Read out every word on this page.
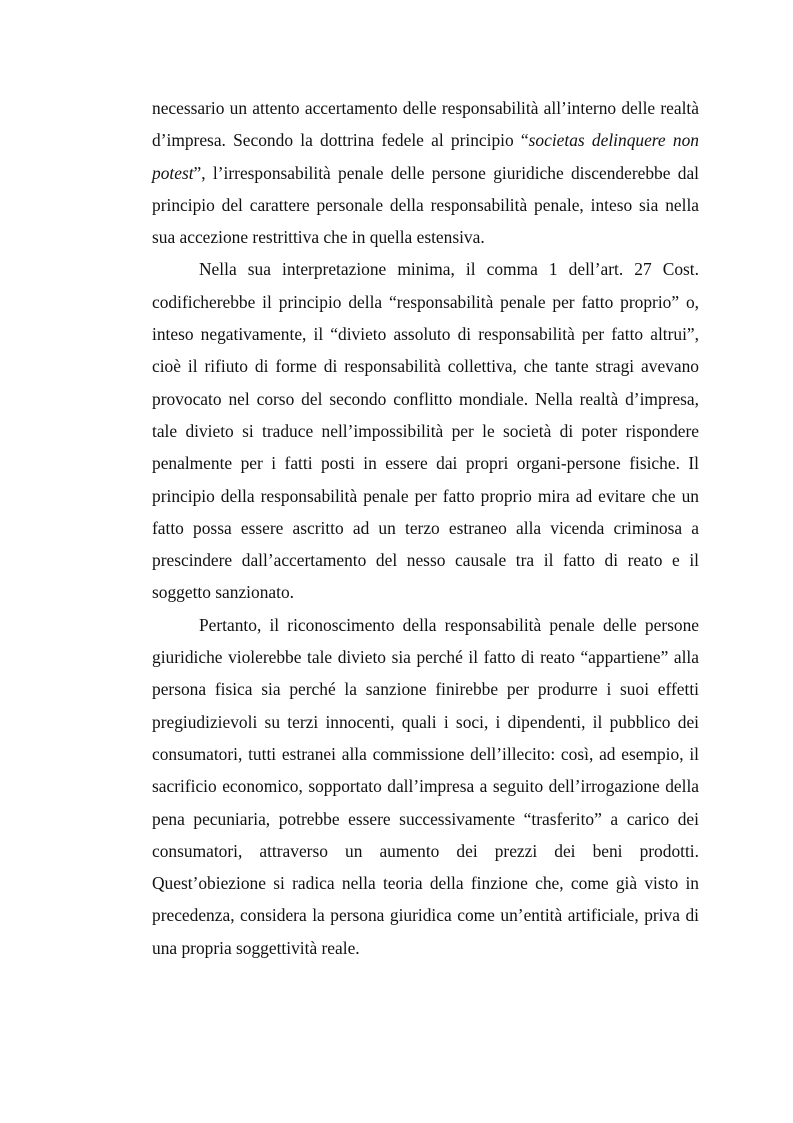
necessario un attento accertamento delle responsabilità all’interno delle realtà d’impresa. Secondo la dottrina fedele al principio “societas delinquere non potest”, l’irresponsabilità penale delle persone giuridiche discenderebbe dal principio del carattere personale della responsabilità penale, inteso sia nella sua accezione restrittiva che in quella estensiva.

Nella sua interpretazione minima, il comma 1 dell’art. 27 Cost. codificherebbe il principio della “responsabilità penale per fatto proprio” o, inteso negativamente, il “divieto assoluto di responsabilità per fatto altrui”, cioè il rifiuto di forme di responsabilità collettiva, che tante stragi avevano provocato nel corso del secondo conflitto mondiale. Nella realtà d’impresa, tale divieto si traduce nell’impossibilità per le società di poter rispondere penalmente per i fatti posti in essere dai propri organi-persone fisiche. Il principio della responsabilità penale per fatto proprio mira ad evitare che un fatto possa essere ascritto ad un terzo estraneo alla vicenda criminosa a prescindere dall’accertamento del nesso causale tra il fatto di reato e il soggetto sanzionato.

Pertanto, il riconoscimento della responsabilità penale delle persone giuridiche violerebbe tale divieto sia perché il fatto di reato “appartiene” alla persona fisica sia perché la sanzione finirebbe per produrre i suoi effetti pregiudizievoli su terzi innocenti, quali i soci, i dipendenti, il pubblico dei consumatori, tutti estranei alla commissione dell’illecito: così, ad esempio, il sacrificio economico, sopportato dall’impresa a seguito dell’irrogazione della pena pecuniaria, potrebbe essere successivamente “trasferito” a carico dei consumatori, attraverso un aumento dei prezzi dei beni prodotti. Quest’obiezione si radica nella teoria della finzione che, come già visto in precedenza, considera la persona giuridica come un’entità artificiale, priva di una propria soggettività reale.
